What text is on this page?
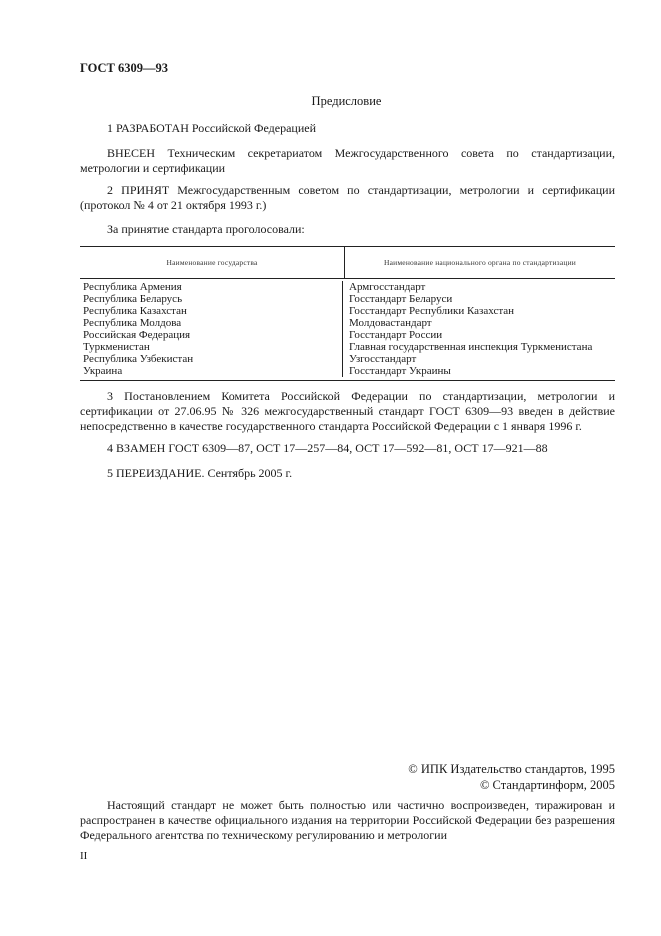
ГОСТ 6309—93
Предисловие
1 РАЗРАБОТАН Российской Федерацией
ВНЕСЕН Техническим секретариатом Межгосударственного совета по стандартизации, метрологии и сертификации
2 ПРИНЯТ Межгосударственным советом по стандартизации, метрологии и сертификации (протокол № 4 от 21 октября 1993 г.)
За принятие стандарта проголосовали:
Наименование государства	Наименование национального органа по стандартизации
Республика Армения
Республика Беларусь
Республика Казахстан
Республика Молдова
Российская Федерация
Туркменистан
Республика Узбекистан
Украина
Армгосстандарт
Госстандарт Беларуси
Госстандарт Республики Казахстан
Молдовастандарт
Госстандарт России
Главная государственная инспекция Туркменистана
Узгосстандарт
Госстандарт Украины
3 Постановлением Комитета Российской Федерации по стандартизации, метрологии и сертификации от 27.06.95 № 326 межгосударственный стандарт ГОСТ 6309—93 введен в действие непосредственно в качестве государственного стандарта Российской Федерации с 1 января 1996 г.
4 ВЗАМЕН ГОСТ 6309—87, ОСТ 17—257—84, ОСТ 17—592—81, ОСТ 17—921—88
5 ПЕРЕИЗДАНИЕ. Сентябрь 2005 г.
© ИПК Издательство стандартов, 1995
© Стандартинформ, 2005
Настоящий стандарт не может быть полностью или частично воспроизведен, тиражирован и распространен в качестве официального издания на территории Российской Федерации без разрешения Федерального агентства по техническому регулированию и метрологии
II
